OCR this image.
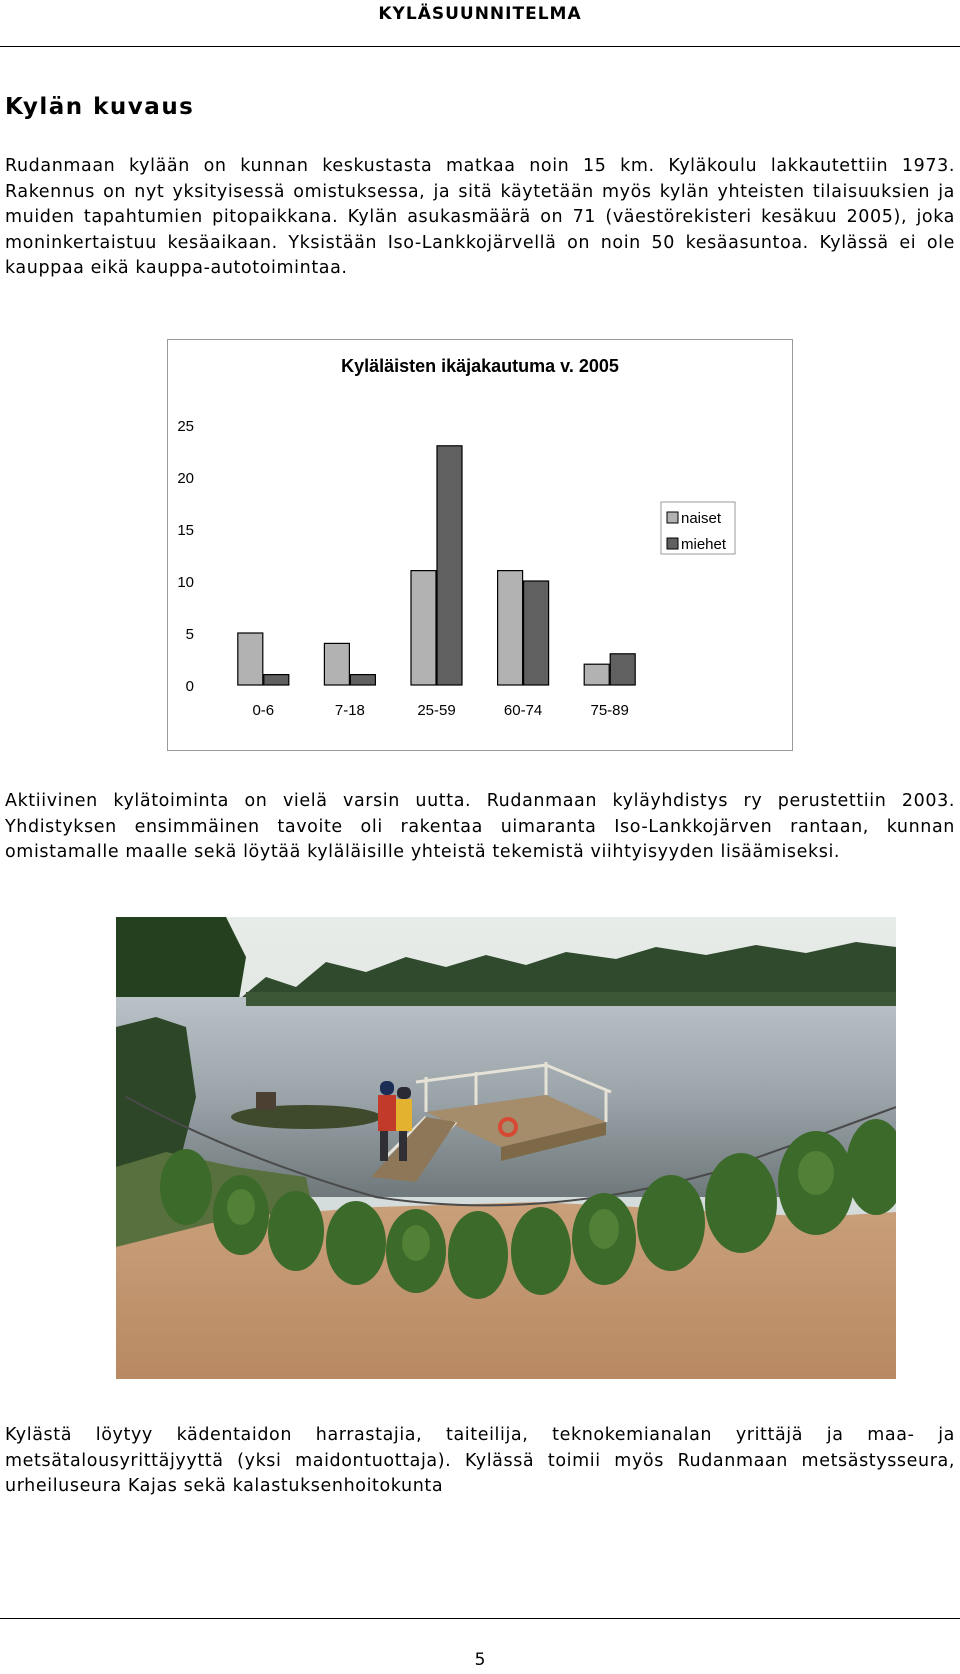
KYLÄSUUNNITELMA
Kylän kuvaus

Rudanmaan kylään on kunnan keskustasta matkaa noin 15 km. Kyläkoulu lakkautettiin 1973. Rakennus on nyt yksityisessä omistuksessa, ja sitä käytetään myös kylän yhteisten tilaisuuksien ja muiden tapahtumien pitopaikkana. Kylän asukasmäärä on 71 (väestörekisteri kesäkuu 2005), joka moninkertaistuu kesäaikaan. Yksistään Iso-Lankkojärvellä on noin 50 kesäasuntoa. Kylässä ei ole kauppaa eikä kauppa-autotoimintaa.

Kyläläisten ikäjakautuma v. 2005
0
5
10
15
20
25
0-6	7-18	25-59	60-74	75-89
naiset
miehet

Aktiivinen kylätoiminta on vielä varsin uutta. Rudanmaan kyläyhdistys ry perustettiin 2003. Yhdistyksen ensimmäinen tavoite oli rakentaa uimaranta Iso-Lankkojärven rantaan, kunnan omistamalle maalle sekä löytää kyläläisille yhteistä tekemistä viihtyisyyden lisäämiseksi.

Kylästä löytyy kädentaidon harrastajia, taiteilija, teknokemianalan yrittäjä ja maa- ja metsätalousyrittäjyyttä (yksi maidontuottaja). Kylässä toimii myös Rudanmaan metsästysseura, urheiluseura Kajas sekä kalastuksenhoitokunta

5
